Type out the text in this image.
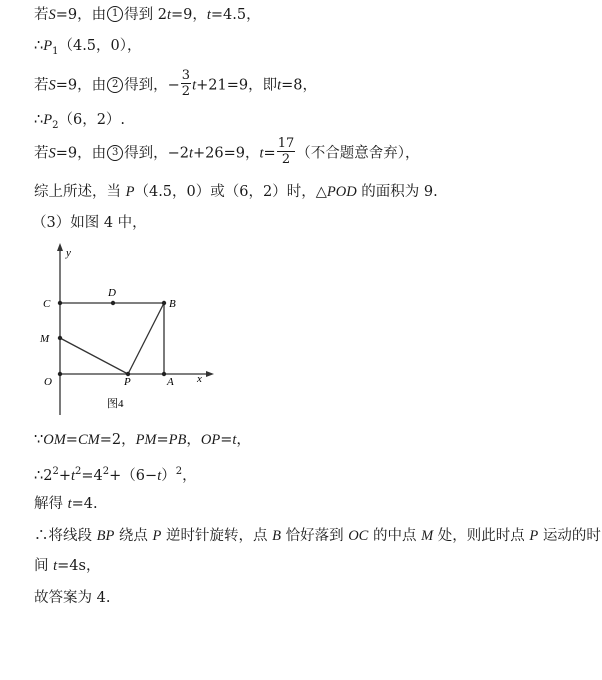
若S=9，由 1 得到 2t=9，t=4.5，
$\therefore P_1(4.5$，0），
若S=9，由 2 得到，− $\frac{3}{2} t+21=9$，即t=8，
$\therefore P_2(6$，2）.
若S=9，由 3 得到，−2t+26=9，$t= \frac{17}{2}$ （不合题意舍弃），
综上所述，当 P（4.5，0）或（6，2）时，△POD 的面积为 9.
（3）如图 4 中，
y
x
C
D
B
M
O	P	A
图4
∵OM=CM=2，PM=PB，OP=t，
$\therefore 2^2+t^2=4^2+(6-t)^2$，
解得 t=4.
∴将线段 BP 绕点 P 逆时针旋转，点 B 恰好落到 OC 的中点 M 处，则此时点 P 运动的时
间 t=4s，
故答案为 4.
